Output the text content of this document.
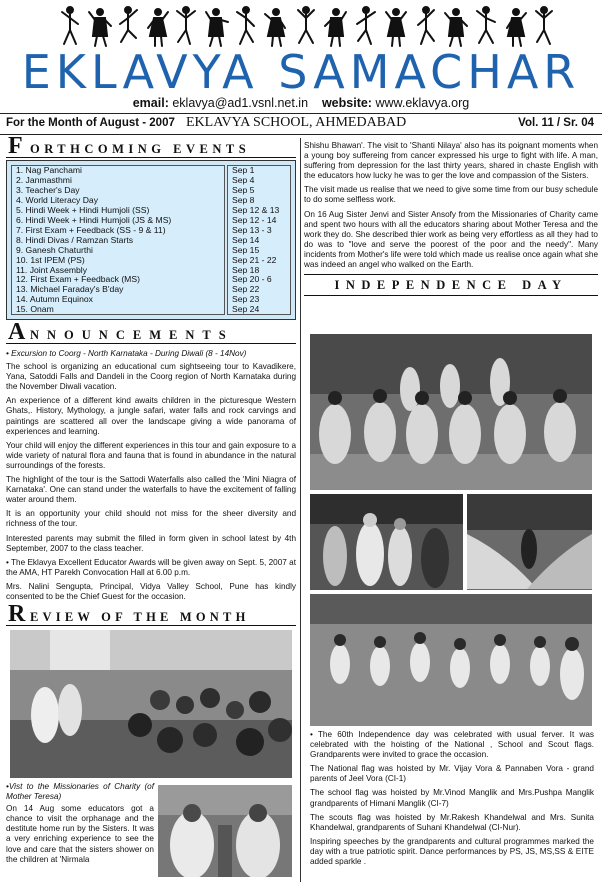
EKLAVYA SAMACHAR
email: eklavya@ad1.vsnl.net.in website: www.eklavya.org
For the Month of August - 2007 EKLAVYA SCHOOL, AHMEDABAD	Vol. 11 / Sr. 04
F ORTHCOMING EVENTS
1. Nag Panchami
2. Janmasthmi
3. Teacher's Day
4. World Literacy Day
5. Hindi Week + Hindi Humjoli (SS)
6. Hindi Week + Hindi Humjoli (JS & MS)
7. First Exam + Feedback (SS - 9 & 11)
8. Hindi Divas / Ramzan Starts
9. Ganesh Chaturthi
10. 1st IPEM (PS)
11. Joint Assembly
12. First Exam + Feedback (MS)
13. Michael Faraday's B'day
14. Autumn Equinox
15. Onam
Sep 1
Sep 4
Sep 5
Sep 8
Sep 12 & 13
Sep 12 - 14
Sep 13 - 3
Sep 14
Sep 15
Sep 21 - 22
Sep 18
Sep 20 - 6
Sep 22
Sep 23
Sep 24
A NNOUNCEMENTS

• Excursion to Coorg - North Karnataka - During Diwali (8 - 14Nov)

The school is organizing an educational cum sightseeing tour to Kavadikere, Yana, Satoddi Falls and Dandeli in the Coorg region of North Karnataka during the November Diwali vacation.

An experience of a different kind awaits children in the picturesque Western Ghats,. History, Mythology, a jungle safari, water falls and rock carvings and paintings are scattered all over the landscape giving a wide panorama of experiences and learning.

Your child will enjoy the different experiences in this tour and gain exposure to a wide variety of natural flora and fauna that is found in abundance in the natural surroundings of the forests.

The highlight of the tour is the Sattodi Waterfalls also called the 'Mini Niagra of Karnataka'. One can stand under the waterfalls to have the excitement of falling water around them.

It is an opportunity your child should not miss for the sheer diversity and richness of the tour.

Interested parents may submit the filled in form given in school latest by 4th September, 2007 to the class teacher.

• The Eklavya Excellent Educator Awards will be given away on Sept. 5, 2007 at the AMA, HT Parekh Convocation Hall at 6.00 p.m.

Mrs. Nalini Sengupta, Principal, Vidya Valley School, Pune has kindly consented to be the Chief Guest for the occasion.

R EVIEW OF THE MONTH

•Vist to the Missionaries of Charity (of Mother Teresa)

On 14 Aug some educators got a chance to visit the orphanage and the destitute home run by the Sisters. It was a very enriching experience to see the love and care that the sisters shower on the children at 'Nirmala

Shishu Bhawan'. The visit to 'Shanti Nilaya' also has its poignant moments when a young boy suffereing from cancer expressed his urge to fight with life. A man, suffering from depression for the last thirty years, shared in chaste English with the educators how lucky he was to ger the love and compassion of the Sisters.

The visit made us realise that we need to give some time from our busy schedule to do some selfless work.

On 16 Aug Sister Jenvi and Sister Ansofy from the Missionaries of Charity came and spent two hours with all the educators sharing about Mother Teresa and the work they do. She described thier work as being very effortless as all they had to do was to "love and serve the poorest of the poor and the needy". Many incidents from Mother's life were told which made us realise once again what she was indeed an angel who walked on the Earth.

INDEPENDENCE DAY

• The 60th Independence day was celebrated with usual ferver. It was celebrated with the hoisting of the National , School and Scout flags. Grandparents were invited to grace the occasion.

The National flag was hoisted by Mr. Vijay Vora & Pannaben Vora - grand parents of Jeel Vora (CI-1)

The school flag was hoisted by Mr.Vinod Manglik and Mrs.Pushpa Manglik grandparents of Himani Manglik (CI-7)

The scouts flag was hoisted by Mr.Rakesh Khandelwal and Mrs. Sunita Khandelwal, grandparents of Suhani Khandelwal (CI-Nur).

Inspiring speeches by the grandparents and cultural programmes marked the day with a true patriotic spirit. Dance performances by PS, JS, MS,SS & EITE added sparkle .
